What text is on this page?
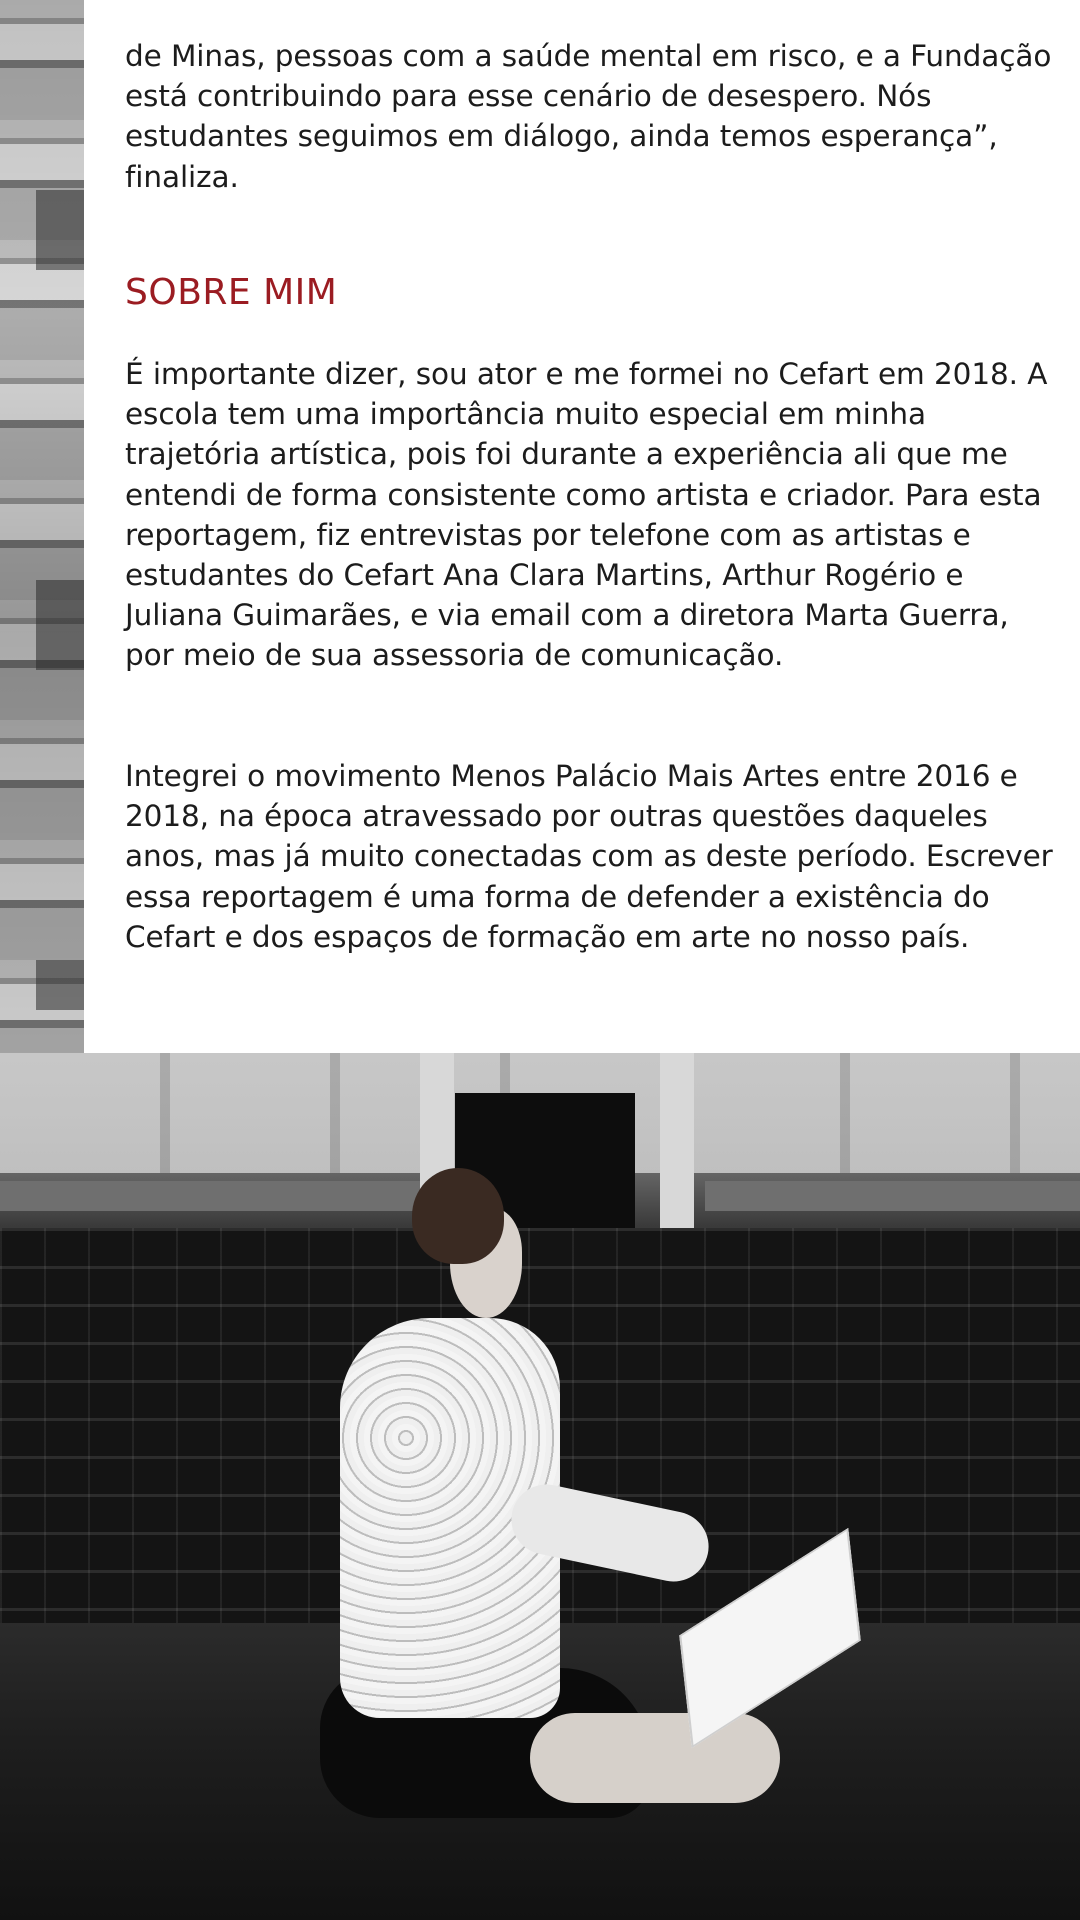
de Minas, pessoas com a saúde mental em risco, e a Fundação está contribuindo para esse cenário de desespero. Nós estudantes seguimos em diálogo, ainda temos esperança”, finaliza.

SOBRE MIM

É importante dizer, sou ator e me formei no Cefart em 2018. A escola tem uma importância muito especial em minha trajetória artística, pois foi durante a experiência ali que me entendi de forma consistente como artista e criador. Para esta reportagem, fiz entrevistas por telefone com as artistas e estudantes do Cefart Ana Clara Martins, Arthur Rogério e Juliana Guimarães, e via email com a diretora Marta Guerra, por meio de sua assessoria de comunicação.

Integrei o movimento Menos Palácio Mais Artes entre 2016 e 2018, na época atravessado por outras questões daqueles anos, mas já muito conectadas com as deste período. Escrever essa reportagem é uma forma de defender a existência do Cefart e dos espaços de formação em arte no nosso país.
